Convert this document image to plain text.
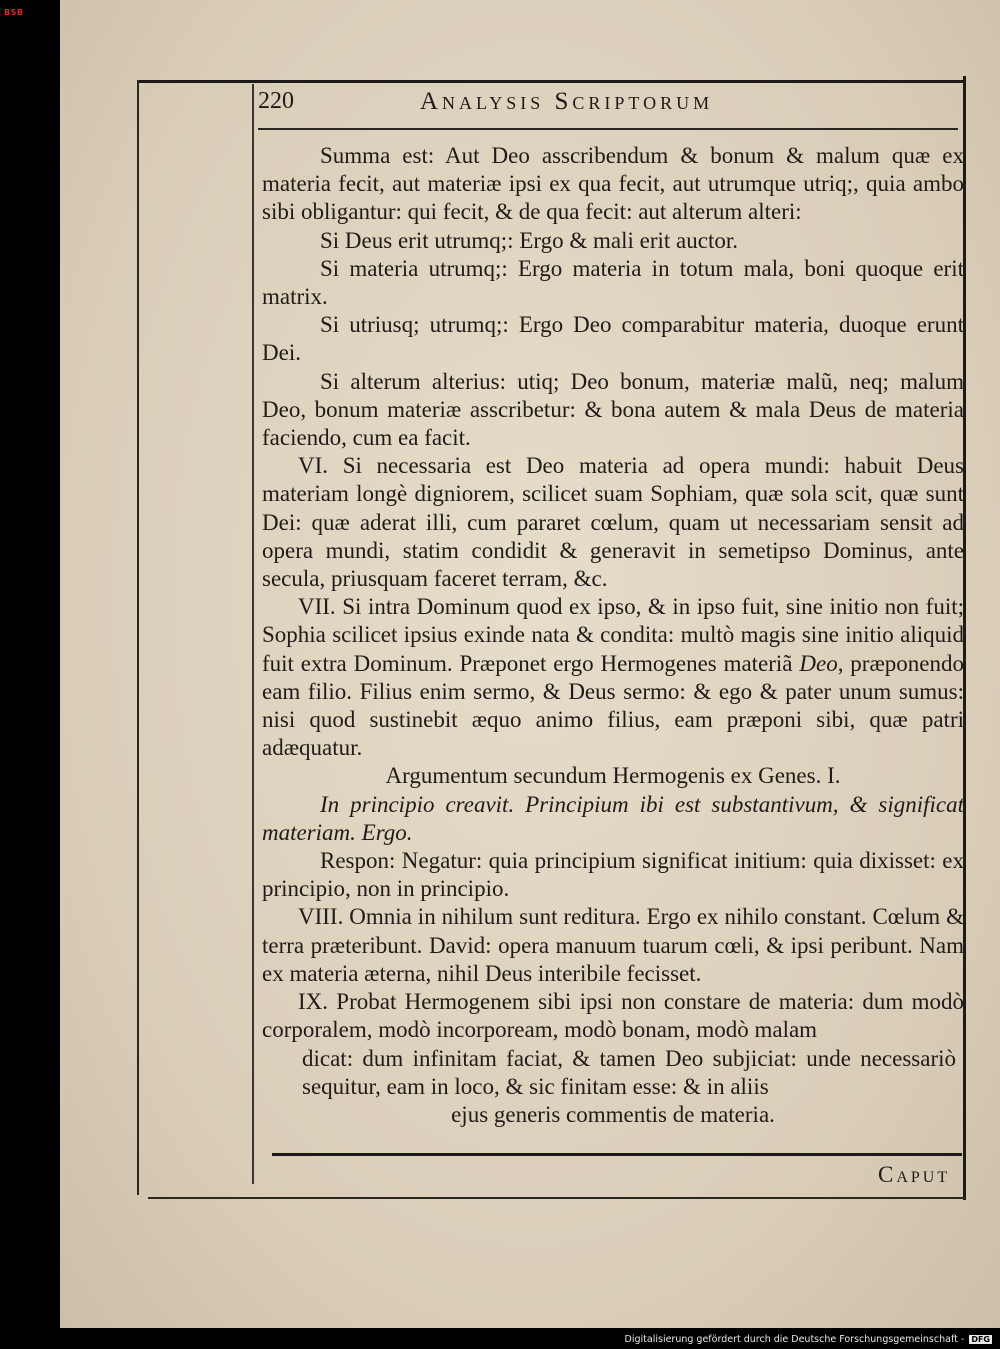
BSB
220	Analysis Scriptorum

Summa est: Aut Deo asscribendum & bonum & malum quæ ex materia fecit, aut materiæ ipsi ex qua fecit, aut utrumque utriq;, quia ambo sibi obligantur: qui fecit, & de qua fecit: aut alterum alteri:

Si Deus erit utrumq;: Ergo & mali erit auctor.

Si materia utrumq;: Ergo materia in totum mala, boni quoque erit matrix.

Si utriusq; utrumq;: Ergo Deo comparabitur materia, duoque erunt Dei.

Si alterum alterius: utiq; Deo bonum, materiæ malũ, neq; malum Deo, bonum materiæ asscribetur: & bona autem & mala Deus de materia faciendo, cum ea facit.

VI. Si necessaria est Deo materia ad opera mundi: habuit Deus materiam longè digniorem, scilicet suam Sophiam, quæ sola scit, quæ sunt Dei: quæ aderat illi, cum pararet cœlum, quam ut necessariam sensit ad opera mundi, statim condidit & generavit in semetipso Dominus, ante secula, priusquam faceret terram, &c.

VII. Si intra Dominum quod ex ipso, & in ipso fuit, sine initio non fuit; Sophia scilicet ipsius exinde nata & condita: multò magis sine initio aliquid fuit extra Dominum. Præponet ergo Hermogenes materiã Deo, præponendo eam filio. Filius enim sermo, & Deus sermo: & ego & pater unum sumus: nisi quod sustinebit æquo animo filius, eam præponi sibi, quæ patri adæquatur.

Argumentum secundum Hermogenis ex Genes. I.

In principio creavit. Principium ibi est substantivum, & significat materiam. Ergo.

Respon: Negatur: quia principium significat initium: quia dixisset: ex principio, non in principio.

VIII. Omnia in nihilum sunt reditura. Ergo ex nihilo constant. Cœlum & terra præteribunt. David: opera manuum tuarum cœli, & ipsi peribunt. Nam ex materia æterna, nihil Deus interibile fecisset.

IX. Probat Hermogenem sibi ipsi non constare de materia: dum modò corporalem, modò incorpoream, modò bonam, modò malam

dicat: dum infinitam faciat, & tamen Deo subjiciat: unde necessariò sequitur, eam in loco, & sic finitam esse: & in aliis

ejus generis commentis de materia.

Caput
Digitalisierung gefördert durch die Deutsche Forschungsgemeinschaft - DFG
